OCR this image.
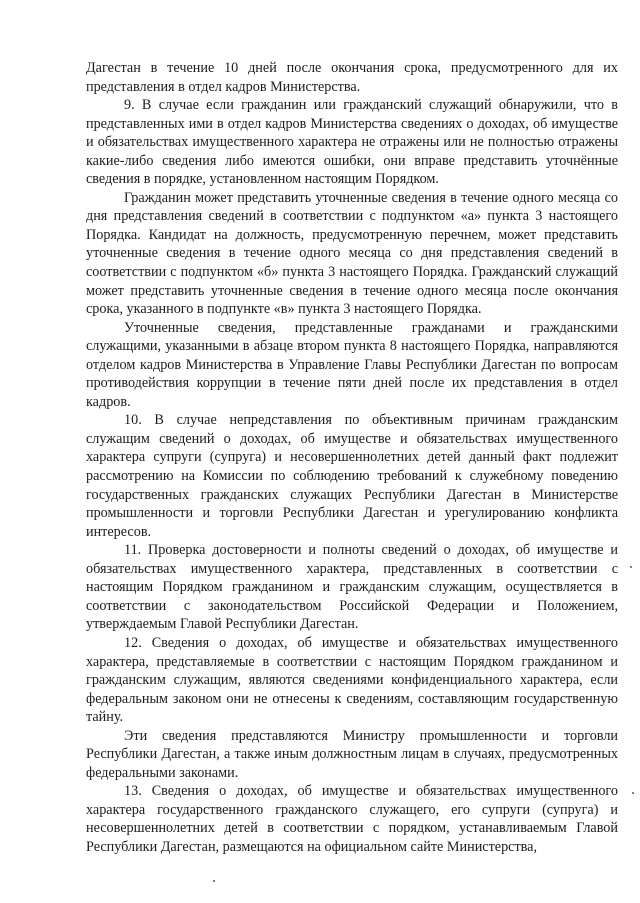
Дагестан в течение 10 дней после окончания срока, предусмотренного для их представления в отдел кадров Министерства.

9. В случае если гражданин или гражданский служащий обнаружили, что в представленных ими в отдел кадров Министерства сведениях о доходах, об имуществе и обязательствах имущественного характера не отражены или не полностью отражены какие-либо сведения либо имеются ошибки, они вправе представить уточнённые сведения в порядке, установленном настоящим Порядком.

Гражданин может представить уточненные сведения в течение одного месяца со дня представления сведений в соответствии с подпунктом «а» пункта 3 настоящего Порядка. Кандидат на должность, предусмотренную перечнем, может представить уточненные сведения в течение одного месяца со дня представления сведений в соответствии с подпунктом «б» пункта 3 настоящего Порядка. Гражданский служащий может представить уточненные сведения в течение одного месяца после окончания срока, указанного в подпункте «в» пункта 3 настоящего Порядка.

Уточненные сведения, представленные гражданами и гражданскими служащими, указанными в абзаце втором пункта 8 настоящего Порядка, направляются отделом кадров Министерства в Управление Главы Республики Дагестан по вопросам противодействия коррупции в течение пяти дней после их представления в отдел кадров.

10. В случае непредставления по объективным причинам гражданским служащим сведений о доходах, об имуществе и обязательствах имущественного характера супруги (супруга) и несовершеннолетних детей данный факт подлежит рассмотрению на Комиссии по соблюдению требований к служебному поведению государственных гражданских служащих Республики Дагестан в Министерстве промышленности и торговли Республики Дагестан и урегулированию конфликта интересов.

11. Проверка достоверности и полноты сведений о доходах, об имуществе и обязательствах имущественного характера, представленных в соответствии с настоящим Порядком гражданином и гражданским служащим, осуществляется в соответствии с законодательством Российской Федерации и Положением, утверждаемым Главой Республики Дагестан.

12. Сведения о доходах, об имуществе и обязательствах имущественного характера, представляемые в соответствии с настоящим Порядком гражданином и гражданским служащим, являются сведениями конфиденциального характера, если федеральным законом они не отнесены к сведениям, составляющим государственную тайну.

Эти сведения представляются Министру промышленности и торговли Республики Дагестан, а также иным должностным лицам в случаях, предусмотренных федеральными законами.

13. Сведения о доходах, об имуществе и обязательствах имущественного характера государственного гражданского служащего, его супруги (супруга) и несовершеннолетних детей в соответствии с порядком, устанавливаемым Главой Республики Дагестан, размещаются на официальном сайте Министерства,
